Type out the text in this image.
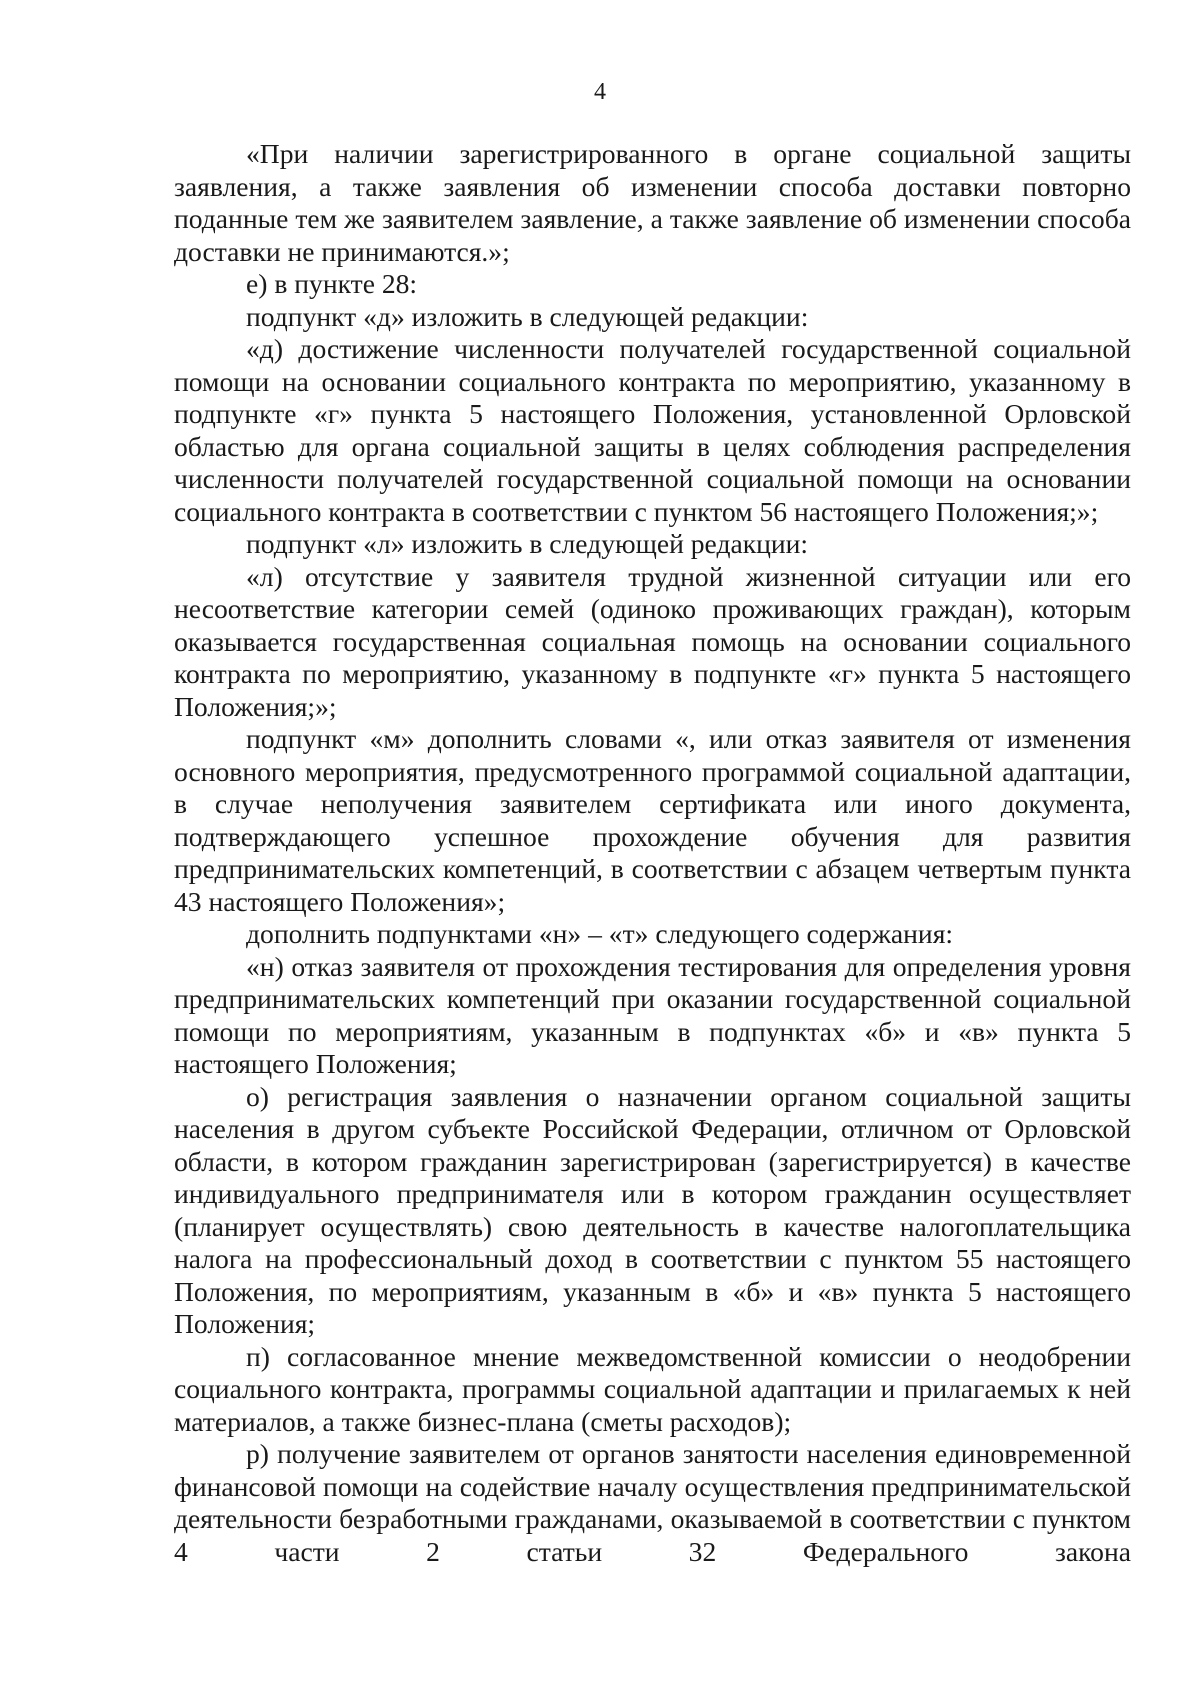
4

«При наличии зарегистрированного в органе социальной защиты заявления, а также заявления об изменении способа доставки повторно поданные тем же заявителем заявление, а также заявление об изменении способа доставки не принимаются.»;

е) в пункте 28:

подпункт «д» изложить в следующей редакции:

«д) достижение численности получателей государственной социальной помощи на основании социального контракта по мероприятию, указанному в подпункте «г» пункта 5 настоящего Положения, установленной Орловской областью для органа социальной защиты в целях соблюдения распределения численности получателей государственной социальной помощи на основании социального контракта в соответствии с пунктом 56 настоящего Положения;»;

подпункт «л» изложить в следующей редакции:

«л) отсутствие у заявителя трудной жизненной ситуации или его несоответствие категории семей (одиноко проживающих граждан), которым оказывается государственная социальная помощь на основании социального контракта по мероприятию, указанному в подпункте «г» пункта 5 настоящего Положения;»;

подпункт «м» дополнить словами «, или отказ заявителя от изменения основного мероприятия, предусмотренного программой социальной адаптации, в случае неполучения заявителем сертификата или иного документа, подтверждающего успешное прохождение обучения для развития предпринимательских компетенций, в соответствии с абзацем четвертым пункта 43 настоящего Положения»;

дополнить подпунктами «н» – «т» следующего содержания:

«н) отказ заявителя от прохождения тестирования для определения уровня предпринимательских компетенций при оказании государственной социальной помощи по мероприятиям, указанным в подпунктах «б» и «в» пункта 5 настоящего Положения;

о) регистрация заявления о назначении органом социальной защиты населения в другом субъекте Российской Федерации, отличном от Орловской области, в котором гражданин зарегистрирован (зарегистрируется) в качестве индивидуального предпринимателя или в котором гражданин осуществляет (планирует осуществлять) свою деятельность в качестве налогоплательщика налога на профессиональный доход в соответствии с пунктом 55 настоящего Положения, по мероприятиям, указанным в «б» и «в» пункта 5 настоящего Положения;

п) согласованное мнение межведомственной комиссии о неодобрении социального контракта, программы социальной адаптации и прилагаемых к ней материалов, а также бизнес-плана (сметы расходов);

р) получение заявителем от органов занятости населения единовременной финансовой помощи на содействие началу осуществления предпринимательской деятельности безработными гражданами, оказываемой в соответствии с пунктом 4 части 2 статьи 32 Федерального закона
